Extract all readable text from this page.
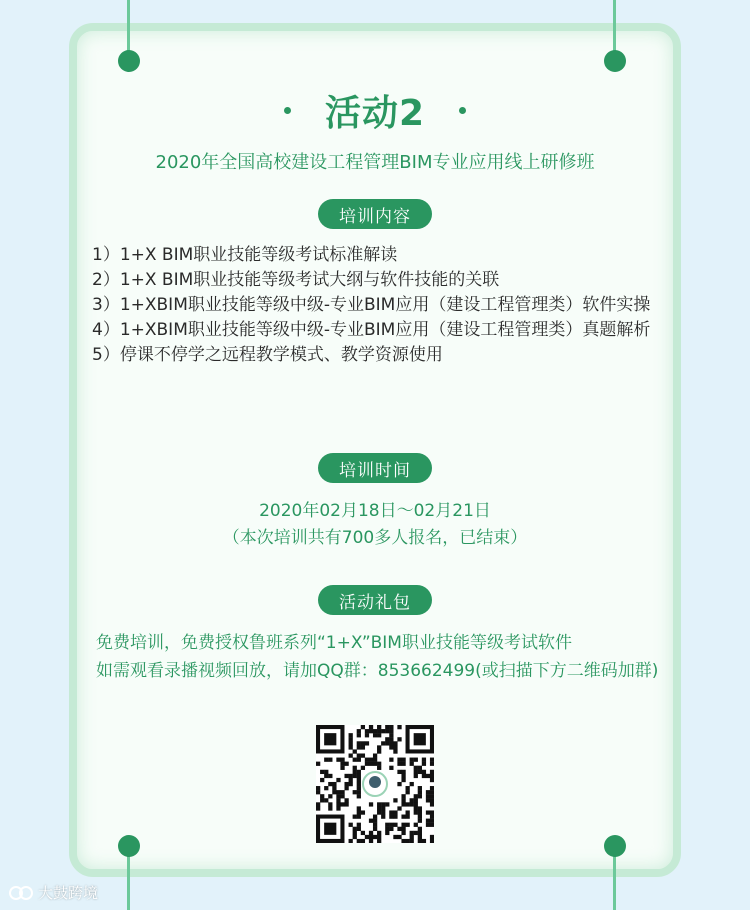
活动2
2020年全国高校建设工程管理BIM专业应用线上研修班
培训内容
1）1+X BIM职业技能等级考试标准解读
2）1+X BIM职业技能等级考试大纲与软件技能的关联
3）1+XBIM职业技能等级中级-专业BIM应用（建设工程管理类）软件实操
4）1+XBIM职业技能等级中级-专业BIM应用（建设工程管理类）真题解析
5）停课不停学之远程教学模式、教学资源使用
培训时间
2020年02月18日～02月21日
（本次培训共有700多人报名，已结束）
活动礼包
免费培训，免费授权鲁班系列“1+X”BIM职业技能等级考试软件
如需观看录播视频回放，请加QQ群：853662499(或扫描下方二维码加群)
大鼓跨境
